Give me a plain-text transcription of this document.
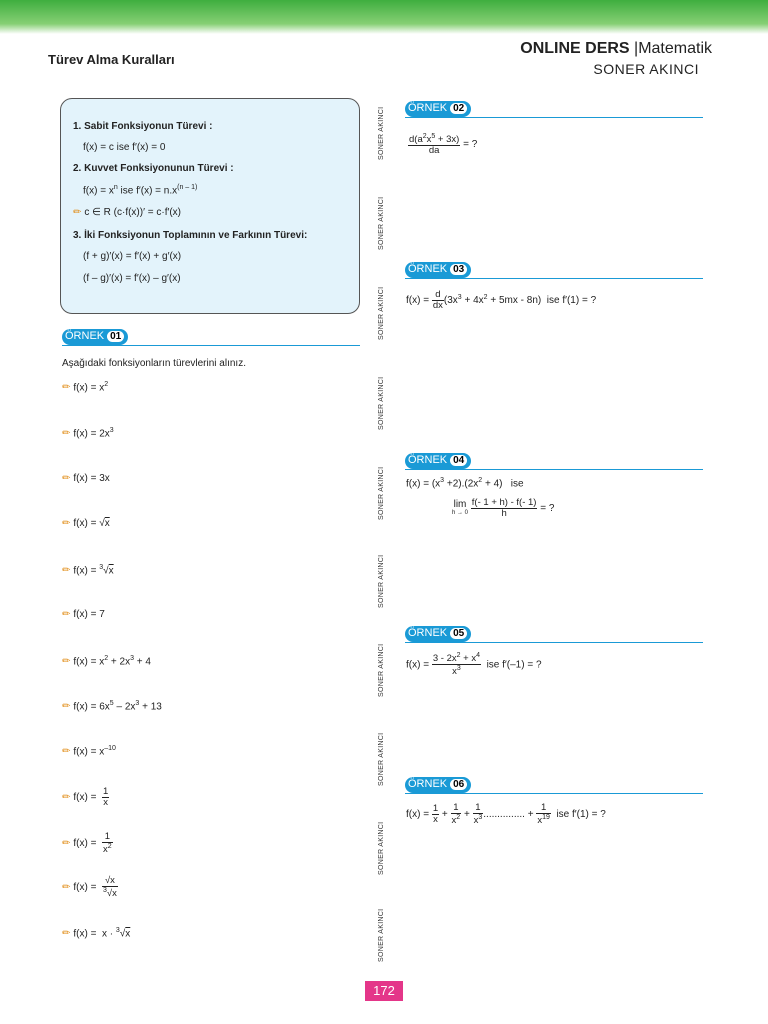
Türev Alma Kuralları
ONLINE DERS |Matematik
SONER AKINCI
1. Sabit Fonksiyonun Türevi :
f(x) = c ise f′(x) = 0
2. Kuvvet Fonksiyonunun Türevi :
$f(x) = x^n$ ise $f'(x) = n.x^{(n - 1)}$
✏ c ∈ R (c·f(x))′ = c·f′(x)
3. İki Fonksiyonun Toplamının ve Farkının Türevi:
(f + g)′(x) = f′(x) + g′(x)
(f – g)′(x) = f′(x) – g′(x)
ÖRNEK 01
Aşağıdaki fonksiyonların türevlerini alınız.
✏ $f(x) = x^2$
✏ $f(x) = 2x^3$
✏ f(x) = 3x
✏ f(x) = √x
✏ f(x) = $^3$√x
✏ f(x) = 7
✏ $f(x) = x^2 + 2x^3 + 4$
✏ $f(x) = 6x^5 - 2x^3 + 13$
✏ $f(x) = x^{-10}$
✏ $f(x) = \frac{1}{x}$
✏ $f(x) = \frac{1}{x^2}$
✏ $f(x) = \frac{√x}{^3√x}$
✏ f(x) =  x · $^3$√x
SONER AKINCI
SONER AKINCI
SONER AKINCI
SONER AKINCI
SONER AKINCI
SONER AKINCI
SONER AKINCI
SONER AKINCI
SONER AKINCI
SONER AKINCI
ÖRNEK 02
$\frac{d(a^2x^5 + 3x)}{da}$ = ?
ÖRNEK 03
$f(x) = \frac{d}{dx} (3x^3 + 4x^2 + 5mx - 8n)$  ise f′(1) = ?
ÖRNEK 04
$f(x) = (x^3 +2).(2x^2 + 4)$   ise
lim
h → 0
$\frac{f(- 1 + h) - f(- 1)}{h}$ = ?
ÖRNEK 05
$f(x) = \frac{3 - 2x^2 + x^4}{x^3}$ ise f′(–1) = ?
ÖRNEK 06
$f(x) = \frac{1}{x} + \frac{1}{x^2} + \frac{1}{x^3}$ ............... + $\frac{1}{x^{19}}$ ise f′(1) = ?
172
